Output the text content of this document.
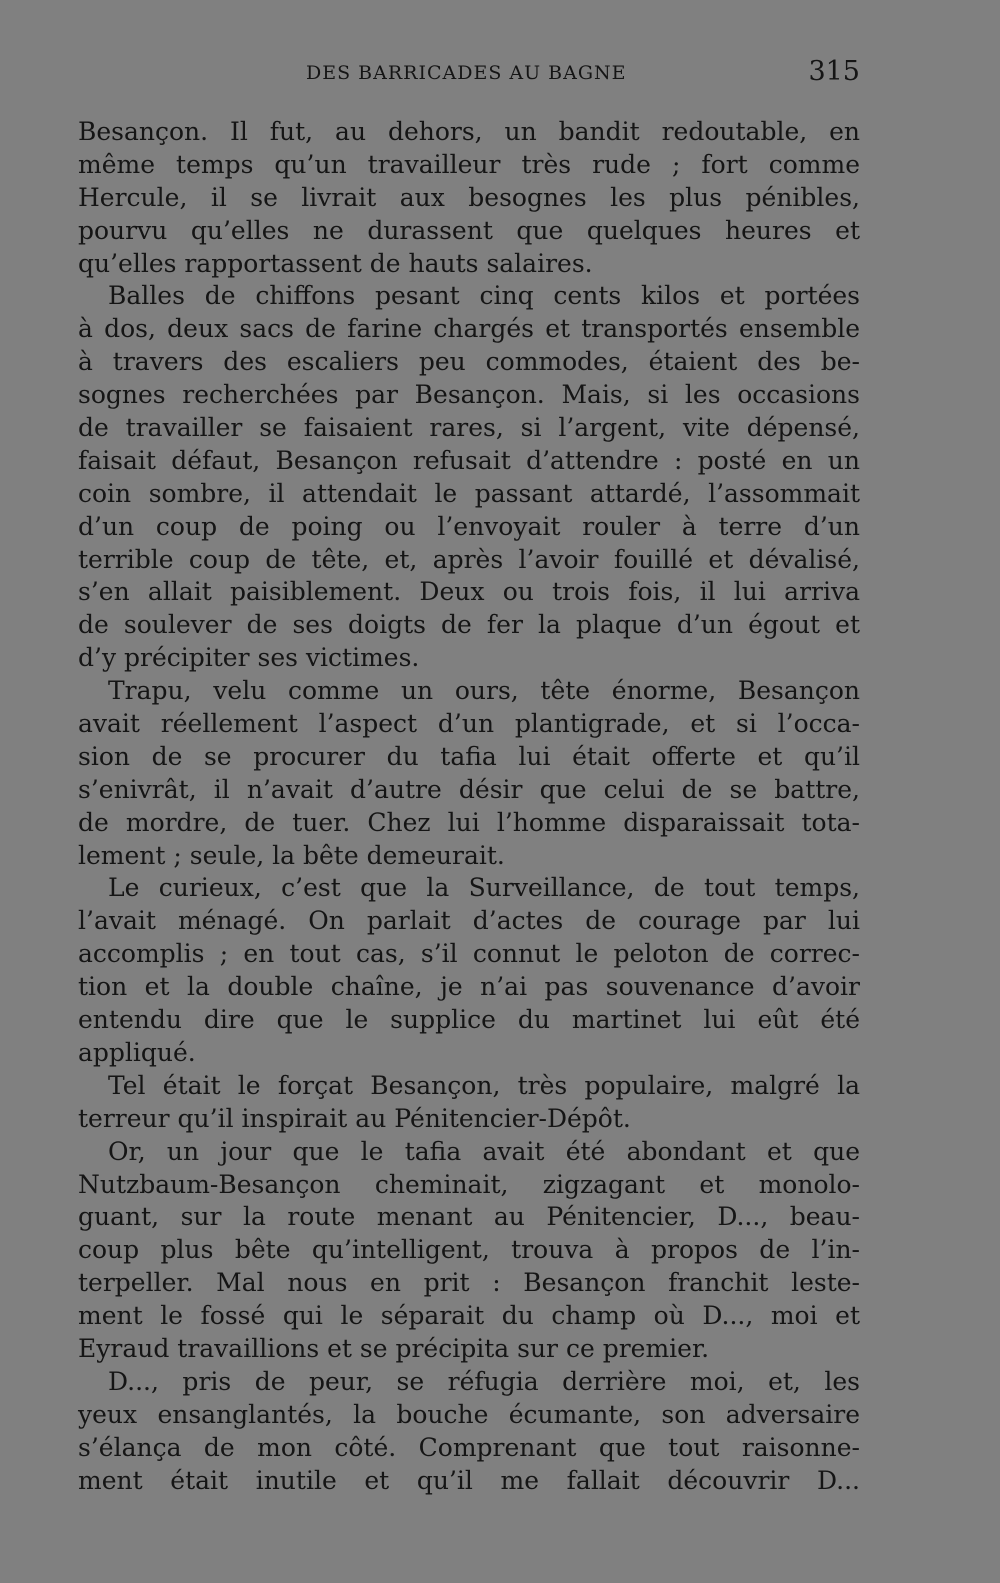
DES BARRICADES AU BAGNE	315
Besançon. Il fut, au dehors, un bandit redoutable, en
même temps qu’un travailleur très rude ; fort comme
Hercule, il se livrait aux besognes les plus pénibles,
pourvu qu’elles ne durassent que quelques heures et
qu’elles rapportassent de hauts salaires.
Balles de chiffons pesant cinq cents kilos et portées
à dos, deux sacs de farine chargés et transportés ensemble
à travers des escaliers peu commodes, étaient des be-
sognes recherchées par Besançon. Mais, si les occasions
de travailler se faisaient rares, si l’argent, vite dépensé,
faisait défaut, Besançon refusait d’attendre : posté en un
coin sombre, il attendait le passant attardé, l’assommait
d’un coup de poing ou l’envoyait rouler à terre d’un
terrible coup de tête, et, après l’avoir fouillé et dévalisé,
s’en allait paisiblement. Deux ou trois fois, il lui arriva
de soulever de ses doigts de fer la plaque d’un égout et
d’y précipiter ses victimes.
Trapu, velu comme un ours, tête énorme, Besançon
avait réellement l’aspect d’un plantigrade, et si l’occa-
sion de se procurer du tafia lui était offerte et qu’il
s’enivrât, il n’avait d’autre désir que celui de se battre,
de mordre, de tuer. Chez lui l’homme disparaissait tota-
lement ; seule, la bête demeurait.
Le curieux, c’est que la Surveillance, de tout temps,
l’avait ménagé. On parlait d’actes de courage par lui
accomplis ; en tout cas, s’il connut le peloton de correc-
tion et la double chaîne, je n’ai pas souvenance d’avoir
entendu dire que le supplice du martinet lui eût été
appliqué.
Tel était le forçat Besançon, très populaire, malgré la
terreur qu’il inspirait au Pénitencier-Dépôt.
Or, un jour que le tafia avait été abondant et que
Nutzbaum-Besançon cheminait, zigzagant et monolo-
guant, sur la route menant au Pénitencier, D..., beau-
coup plus bête qu’intelligent, trouva à propos de l’in-
terpeller. Mal nous en prit : Besançon franchit leste-
ment le fossé qui le séparait du champ où D..., moi et
Eyraud travaillions et se précipita sur ce premier.
D..., pris de peur, se réfugia derrière moi, et, les
yeux ensanglantés, la bouche écumante, son adversaire
s’élança de mon côté. Comprenant que tout raisonne-
ment était inutile et qu’il me fallait découvrir D...
